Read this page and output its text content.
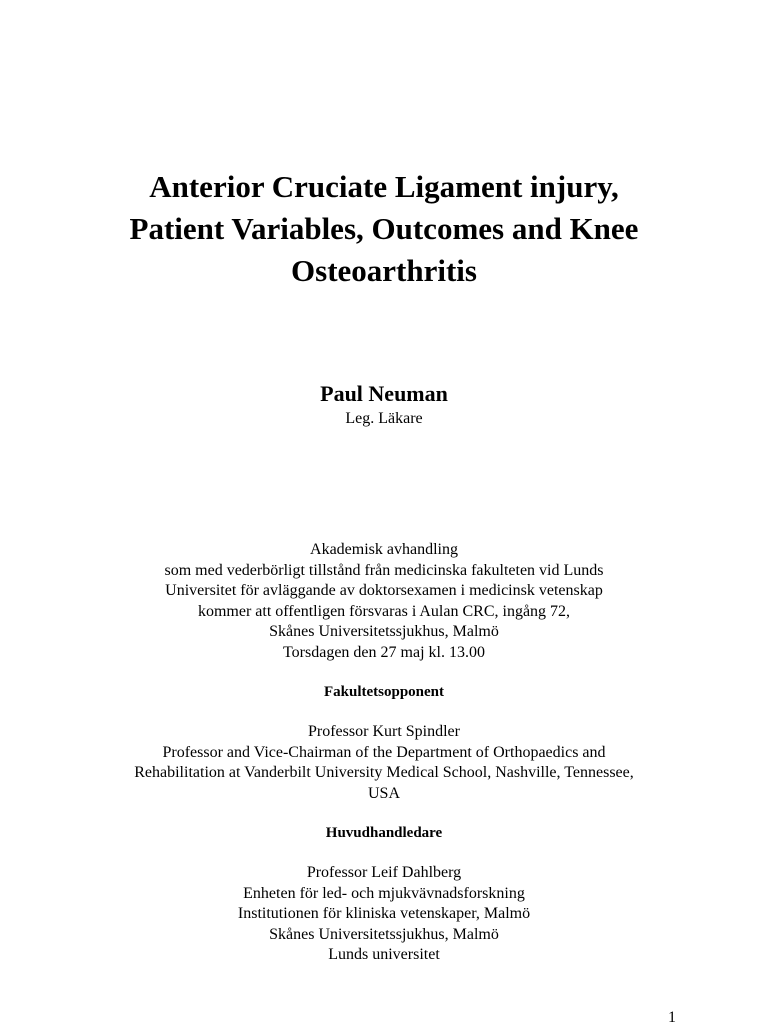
Anterior Cruciate Ligament injury,
Patient Variables, Outcomes and Knee
Osteoarthritis
Paul Neuman
Leg. Läkare
Akademisk avhandling
som med vederbörligt tillstånd från medicinska fakulteten vid Lunds
Universitet för avläggande av doktorsexamen i medicinsk vetenskap
kommer att offentligen försvaras i Aulan CRC, ingång 72,
Skånes Universitetssjukhus, Malmö
Torsdagen den 27 maj kl. 13.00
Fakultetsopponent
Professor Kurt Spindler
Professor and Vice-Chairman of the Department of Orthopaedics and
Rehabilitation at Vanderbilt University Medical School, Nashville, Tennessee,
USA
Huvudhandledare
Professor Leif Dahlberg
Enheten för led- och mjukvävnadsforskning
Institutionen för kliniska vetenskaper, Malmö
Skånes Universitetssjukhus, Malmö
Lunds universitet
1
